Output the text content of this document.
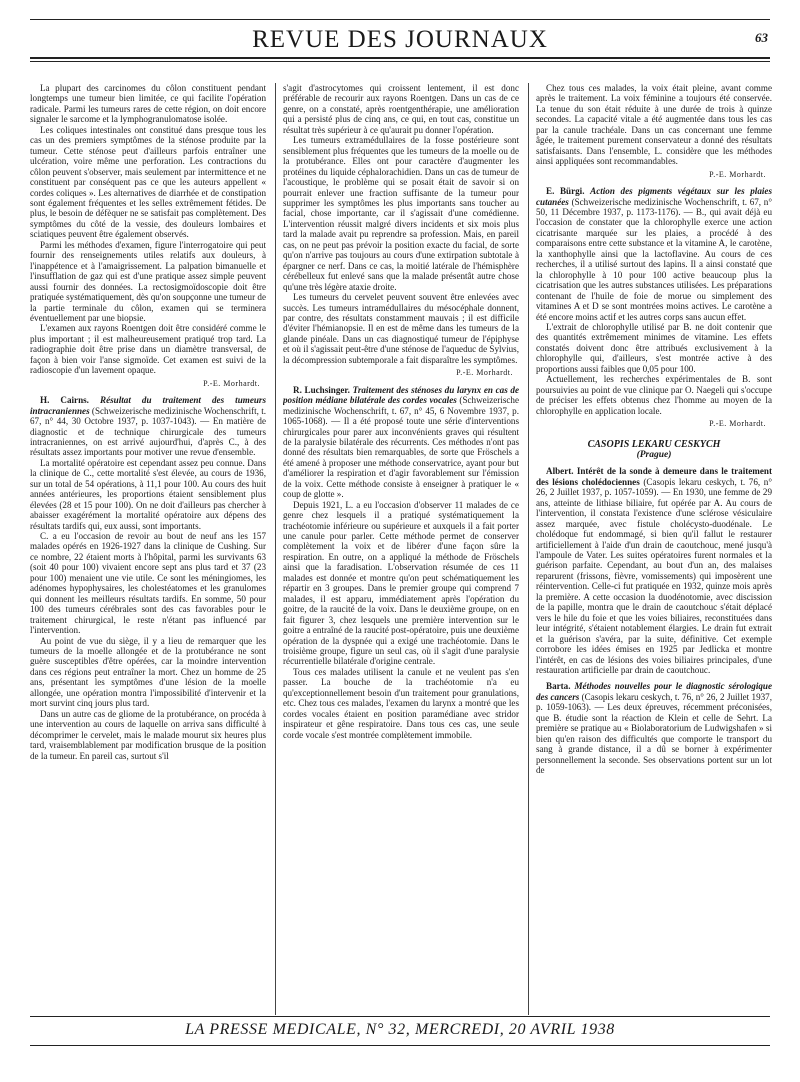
REVUE DES JOURNAUX	63

La plupart des carcinomes du côlon constituent pendant longtemps une tumeur bien limitée, ce qui facilite l'opération radicale. Parmi les tumeurs rares de cette région, on doit encore signaler le sarcome et la lymphogranulomatose isolée.

Les coliques intestinales ont constitué dans presque tous les cas un des premiers symptômes de la sténose produite par la tumeur. Cette sténose peut d'ailleurs parfois entraîner une ulcération, voire même une perforation. Les contractions du côlon peuvent s'observer, mais seulement par intermittence et ne constituent par conséquent pas ce que les auteurs appellent « cordes coliques ». Les alternatives de diarrhée et de constipation sont également fréquentes et les selles extrêmement fétides. De plus, le besoin de défèquer ne se satisfait pas complètement. Des symptômes du côté de la vessie, des douleurs lombaires et sciatiques peuvent être également observés.

Parmi les méthodes d'examen, figure l'interrogatoire qui peut fournir des renseignements utiles relatifs aux douleurs, à l'inappétence et à l'amaigrissement. La palpation bimanuelle et l'insufflation de gaz qui est d'une pratique assez simple peuvent aussi fournir des données. La rectosigmoïdoscopie doit être pratiquée systématiquement, dès qu'on soupçonne une tumeur de la partie terminale du côlon, examen qui se terminera éventuellement par une biopsie.

L'examen aux rayons Roentgen doit être considéré comme le plus important ; il est malheureusement pratiqué trop tard. La radiographie doit être prise dans un diamètre transversal, de façon à bien voir l'anse sigmoïde. Cet examen est suivi de la radioscopie d'un lavement opaque.

P.-E. Morhardt.

H. Cairns. Résultat du traitement des tumeurs intracraniennes (Schweizerische medizinische Wochenschrift, t. 67, n° 44, 30 Octobre 1937, p. 1037-1043). — En matière de diagnostic et de technique chirurgicale des tumeurs intracraniennes, on est arrivé aujourd'hui, d'après C., à des résultats assez importants pour motiver une revue d'ensemble.

La mortalité opératoire est cependant assez peu connue. Dans la clinique de C., cette mortalité s'est élevée, au cours de 1936, sur un total de 54 opérations, à 11,1 pour 100. Au cours des huit années antérieures, les proportions étaient sensiblement plus élevées (28 et 15 pour 100). On ne doit d'ailleurs pas chercher à abaisser exagérément la mortalité opératoire aux dépens des résultats tardifs qui, eux aussi, sont importants.

C. a eu l'occasion de revoir au bout de neuf ans les 157 malades opérés en 1926-1927 dans la clinique de Cushing. Sur ce nombre, 22 étaient morts à l'hôpital, parmi les survivants 63 (soit 40 pour 100) vivaient encore sept ans plus tard et 37 (23 pour 100) menaient une vie utile. Ce sont les méningiomes, les adénomes hypophysaires, les cholestéatomes et les granulomes qui donnent les meilleurs résultats tardifs. En somme, 50 pour 100 des tumeurs cérébrales sont des cas favorables pour le traitement chirurgical, le reste n'étant pas influencé par l'intervention.

Au point de vue du siège, il y a lieu de remarquer que les tumeurs de la moelle allongée et de la protubérance ne sont guère susceptibles d'être opérées, car la moindre intervention dans ces régions peut entraîner la mort. Chez un homme de 25 ans, présentant les symptômes d'une lésion de la moelle allongée, une opération montra l'impossibilité d'intervenir et la mort survint cinq jours plus tard.

Dans un autre cas de gliome de la protubérance, on procéda à une intervention au cours de laquelle on arriva sans difficulté à décomprimer le cervelet, mais le malade mourut six heures plus tard, vraisemblablement par modification brusque de la position de la tumeur. En pareil cas, surtout s'il

s'agit d'astrocytomes qui croissent lentement, il est donc préférable de recourir aux rayons Roentgen. Dans un cas de ce genre, on a constaté, après roentgenthérapie, une amélioration qui a persisté plus de cinq ans, ce qui, en tout cas, constitue un résultat très supérieur à ce qu'aurait pu donner l'opération.

Les tumeurs extramédullaires de la fosse postérieure sont sensiblement plus fréquentes que les tumeurs de la moelle ou de la protubérance. Elles ont pour caractère d'augmenter les protéines du liquide céphalorachidien. Dans un cas de tumeur de l'acoustique, le problème qui se posait était de savoir si on pourrait enlever une fraction suffisante de la tumeur pour supprimer les symptômes les plus importants sans toucher au facial, chose importante, car il s'agissait d'une comédienne. L'intervention réussit malgré divers incidents et six mois plus tard la malade avait pu reprendre sa profession. Mais, en pareil cas, on ne peut pas prévoir la position exacte du facial, de sorte qu'on n'arrive pas toujours au cours d'une extirpation subtotale à épargner ce nerf. Dans ce cas, la moitié latérale de l'hémisphère cérébelleux fut enlevé sans que la malade présentât autre chose qu'une très légère ataxie droite.

Les tumeurs du cervelet peuvent souvent être enlevées avec succès. Les tumeurs intramédullaires du mésocéphale donnent, par contre, des résultats constamment mauvais ; il est difficile d'éviter l'hémianopsie. Il en est de même dans les tumeurs de la glande pinéale. Dans un cas diagnostiqué tumeur de l'épiphyse et où il s'agissait peut-être d'une sténose de l'aqueduc de Sylvius, la décompression subtemporale a fait disparaître les symptômes.

P.-E. Morhardt.

R. Luchsinger. Traitement des sténoses du larynx en cas de position médiane bilatérale des cordes vocales (Schweizerische medizinische Wochenschrift, t. 67, n° 45, 6 Novembre 1937, p. 1065-1068). — Il a été proposé toute une série d'interventions chirurgicales pour parer aux inconvénients graves qui résultent de la paralysie bilatérale des récurrents. Ces méthodes n'ont pas donné des résultats bien remarquables, de sorte que Fröschels a été amené à proposer une méthode conservatrice, ayant pour but d'améliorer la respiration et d'agir favorablement sur l'émission de la voix. Cette méthode consiste à enseigner à pratiquer le « coup de glotte ».

Depuis 1921, L. a eu l'occasion d'observer 11 malades de ce genre chez lesquels il a pratiqué systématiquement la trachéotomie inférieure ou supérieure et auxquels il a fait porter une canule pour parler. Cette méthode permet de conserver complètement la voix et de libérer d'une façon sûre la respiration. En outre, on a appliqué la méthode de Fröschels ainsi que la faradisation. L'observation résumée de ces 11 malades est donnée et montre qu'on peut schématiquement les répartir en 3 groupes. Dans le premier groupe qui comprend 7 malades, il est apparu, immédiatement après l'opération du goitre, de la raucité de la voix. Dans le deuxième groupe, on en fait figurer 3, chez lesquels une première intervention sur le goitre a entraîné de la raucité post-opératoire, puis une deuxième opération de la dyspnée qui a exigé une trachéotomie. Dans le troisième groupe, figure un seul cas, où il s'agit d'une paralysie récurrentielle bilatérale d'origine centrale.

Tous ces malades utilisent la canule et ne veulent pas s'en passer. La bouche de la trachéotomie n'a eu qu'exceptionnellement besoin d'un traitement pour granulations, etc. Chez tous ces malades, l'examen du larynx a montré que les cordes vocales étaient en position paramédiane avec stridor inspirateur et gêne respiratoire. Dans tous ces cas, une seule corde vocale s'est montrée complètement immobile.

Chez tous ces malades, la voix était pleine, avant comme après le traitement. La voix féminine a toujours été conservée. La tenue du son était réduite à une durée de trois à quinze secondes. La capacité vitale a été augmentée dans tous les cas par la canule trachéale. Dans un cas concernant une femme âgée, le traitement purement conservateur a donné des résultats satisfaisants. Dans l'ensemble, L. considère que les méthodes ainsi appliquées sont recommandables.

P.-E. Morhardt.

E. Bürgi. Action des pigments végétaux sur les plaies cutanées (Schweizerische medizinische Wochenschrift, t. 67, n° 50, 11 Décembre 1937, p. 1173-1176). — B., qui avait déjà eu l'occasion de constater que la chlorophylle exerce une action cicatrisante marquée sur les plaies, a procédé à des comparaisons entre cette substance et la vitamine A, le carotène, la xanthophylle ainsi que la lactoflavine. Au cours de ces recherches, il a utilisé surtout des lapins. Il a ainsi constaté que la chlorophylle à 10 pour 100 active beaucoup plus la cicatrisation que les autres substances utilisées. Les préparations contenant de l'huile de foie de morue ou simplement des vitamines A et D se sont montrées moins actives. Le carotène a été encore moins actif et les autres corps sans aucun effet.

L'extrait de chlorophylle utilisé par B. ne doit contenir que des quantités extrêmement minimes de vitamine. Les effets constatés doivent donc être attribués exclusivement à la chlorophylle qui, d'ailleurs, s'est montrée active à des proportions aussi faibles que 0,05 pour 100.

Actuellement, les recherches expérimentales de B. sont poursuivies au point de vue clinique par O. Naegeli qui s'occupe de préciser les effets obtenus chez l'homme au moyen de la chlorophylle en application locale.

P.-E. Morhardt.

CASOPIS LEKARU CESKYCH

(Prague)

Albert. Intérêt de la sonde à demeure dans le traitement des lésions cholédociennes (Casopis lekaru ceskych, t. 76, n° 26, 2 Juillet 1937, p. 1057-1059). — En 1930, une femme de 29 ans, atteinte de lithiase biliaire, fut opérée par A. Au cours de l'intervention, il constata l'existence d'une sclérose vésiculaire assez marquée, avec fistule cholécysto-duodénale. Le cholédoque fut endommagé, si bien qu'il fallut le restaurer artificiellement à l'aide d'un drain de caoutchouc, mené jusqu'à l'ampoule de Vater. Les suites opératoires furent normales et la guérison parfaite. Cependant, au bout d'un an, des malaises reparurent (frissons, fièvre, vomissements) qui imposèrent une réintervention. Celle-ci fut pratiquée en 1932, quinze mois après la première. A cette occasion la duodénotomie, avec discission de la papille, montra que le drain de caoutchouc s'était déplacé vers le hile du foie et que les voies biliaires, reconstituées dans leur intégrité, s'étaient notablement élargies. Le drain fut extrait et la guérison s'avéra, par la suite, définitive. Cet exemple corrobore les idées émises en 1925 par Jedlicka et montre l'intérêt, en cas de lésions des voies biliaires principales, d'une restauration artificielle par drain de caoutchouc.

Barta. Méthodes nouvelles pour le diagnostic sérologique des cancers (Casopis lekaru ceskych, t. 76, n° 26, 2 Juillet 1937, p. 1059-1063). — Les deux épreuves, récemment préconisées, que B. étudie sont la réaction de Klein et celle de Sehrt. La première se pratique au « Biolaboratorium de Ludwigshafen » si bien qu'en raison des difficultés que comporte le transport du sang à grande distance, il a dû se borner à expérimenter personnellement la seconde. Ses observations portent sur un lot de

LA PRESSE MEDICALE, N° 32, MERCREDI, 20 AVRIL 1938
